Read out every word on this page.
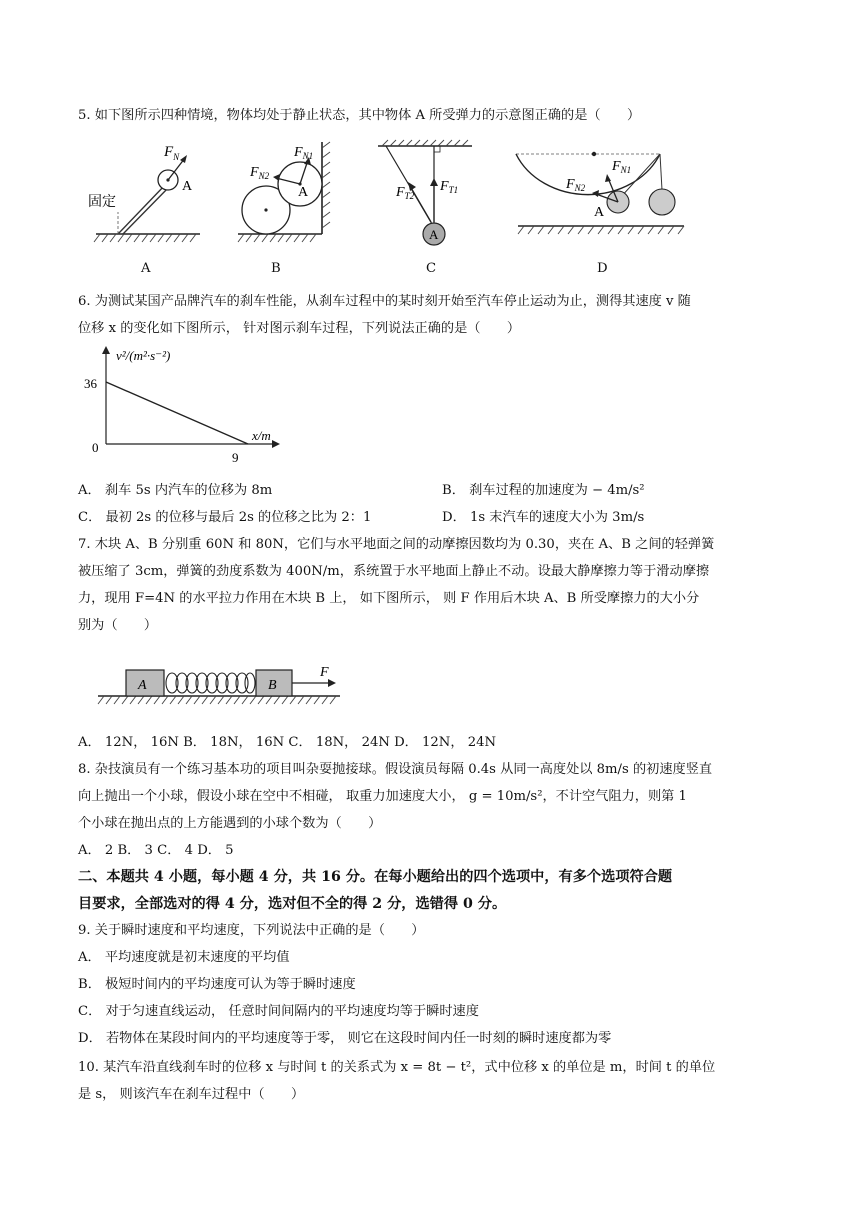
5. 如下图所示四种情境，物体均处于静止状态，其中物体 A 所受弹力的示意图正确的是（　　）
$F_N$
A
固定
A
$F_{N1}$
$F_{N2}$
A
B
A
$F_{T1}$
$F_{T2}$
C
$F_{N1}$
$F_{N2}$
A
D
6. 为测试某国产品牌汽车的刹车性能，从刹车过程中的某时刻开始至汽车停止运动为止，测得其速度 v 随
位移 x 的变化如下图所示， 针对图示刹车过程，下列说法正确的是（　　）
v²/(m²·s⁻²)
x/m
36
0
9
A． 刹车 5s 内汽车的位移为 8m	B． 刹车过程的加速度为 − 4m/s²
C． 最初 2s 的位移与最后 2s 的位移之比为 2：1	D． 1s 末汽车的速度大小为 3m/s
7. 木块 A、B 分别重 60N 和 80N，它们与水平地面之间的动摩擦因数均为 0.30，夹在 A、B 之间的轻弹簧
被压缩了 3cm，弹簧的劲度系数为 400N/m，系统置于水平地面上静止不动。设最大静摩擦力等于滑动摩擦
力，现用 F=4N 的水平拉力作用在木块 B 上， 如下图所示， 则 F 作用后木块 A、B 所受摩擦力的大小分
别为（　　）
A	B
F
A． 12N， 16N B． 18N， 16N C． 18N， 24N D． 12N， 24N
8. 杂技演员有一个练习基本功的项目叫杂耍抛接球。假设演员每隔 0.4s 从同一高度处以 8m/s 的初速度竖直
向上抛出一个小球，假设小球在空中不相碰， 取重力加速度大小， g = 10m/s²，不计空气阻力，则第 1
个小球在抛出点的上方能遇到的小球个数为（　　）
A． 2 B． 3 C． 4 D． 5
二、本题共 4 小题，每小题 4 分，共 16 分。在每小题给出的四个选项中，有多个选项符合题
目要求，全部选对的得 4 分，选对但不全的得 2 分，选错得 0 分。
9. 关于瞬时速度和平均速度，下列说法中正确的是（　　）
A． 平均速度就是初末速度的平均值
B． 极短时间内的平均速度可认为等于瞬时速度
C． 对于匀速直线运动， 任意时间间隔内的平均速度均等于瞬时速度
D． 若物体在某段时间内的平均速度等于零， 则它在这段时间内任一时刻的瞬时速度都为零
10. 某汽车沿直线刹车时的位移 x 与时间 t 的关系式为 x = 8t − t²，式中位移 x 的单位是 m，时间 t 的单位
是 s， 则该汽车在刹车过程中（　　）
